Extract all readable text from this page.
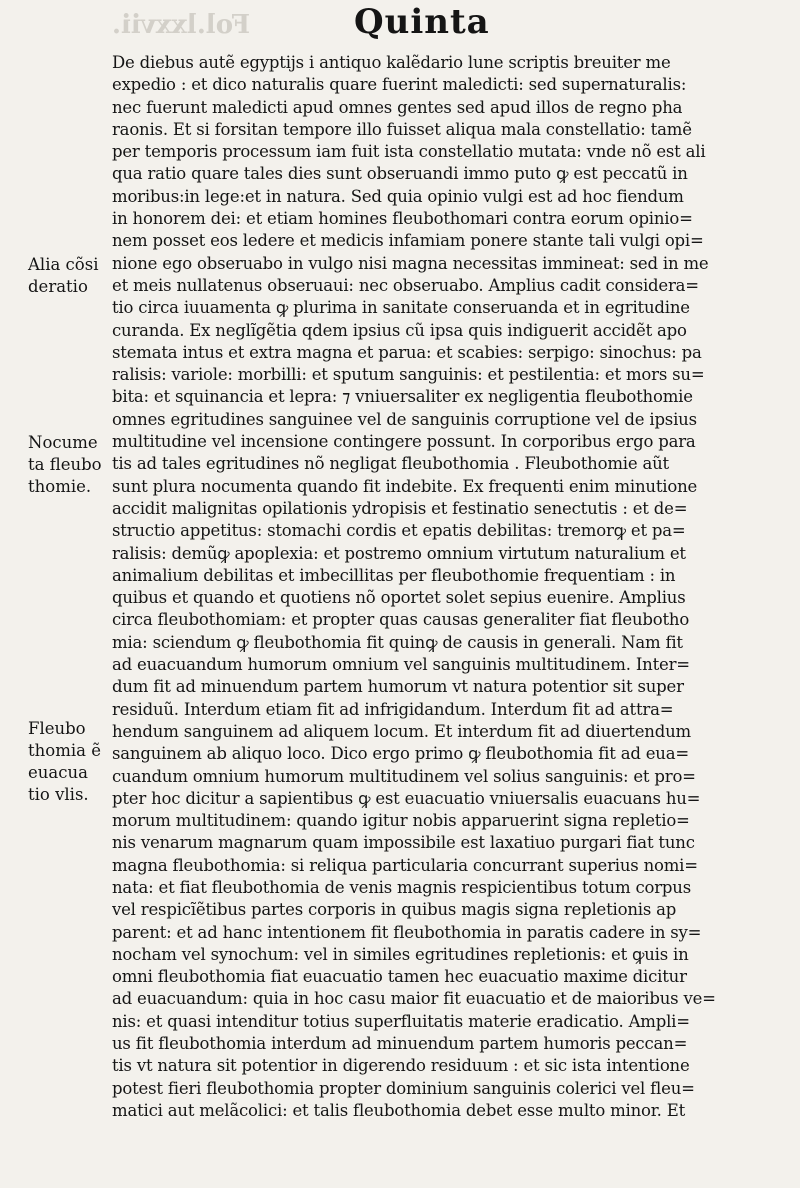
Fol.lxxvii.	Quinta
Alia cõsi
deratio
Nocume
ta fleubo
thomie.
Fleubo
thomia ẽ
euacua
tio vlis.
De diebus autẽ egyptijs i antiquo kalẽdario lune scriptis breuiter me
expedio : et dico naturalis quare fuerint maledicti: sed supernaturalis:
nec fuerunt maledicti apud omnes gentes sed apud illos de regno pha
raonis. Et si forsitan tempore illo fuisset aliqua mala constellatio: tamẽ
per temporis processum iam fuit ista constellatio mutata: vnde nõ est ali
qua ratio quare tales dies sunt obseruandi immo puto ꝙ est peccatũ in
moribus:in lege:et in natura. Sed quia opinio vulgi est ad hoc fiendum
in honorem dei: et etiam homines fleubothomari contra eorum opinio=
nem posset eos ledere et medicis infamiam ponere stante tali vulgi opi=
nione ego obseruabo in vulgo nisi magna necessitas immineat: sed in me
et meis nullatenus obseruaui: nec obseruabo. Amplius cadit considera=
tio circa iuuamenta ꝙ plurima in sanitate conseruanda et in egritudine
curanda. Ex neglĩgẽtia qdem ipsius cũ ipsa quis indiguerit accidẽt apo
stemata intus et extra magna et parua: et scabies: serpigo: sinochus: pa
ralisis: variole: morbilli: et sputum sanguinis: et pestilentia: et mors su=
bita: et squinancia et lepra: ⁊ vniuersaliter ex negligentia fleubothomie
omnes egritudines sanguinee vel de sanguinis corruptione vel de ipsius
multitudine vel incensione contingere possunt. In corporibus ergo para
tis ad tales egritudines nõ negligat fleubothomia . Fleubothomie aũt
sunt plura nocumenta quando fit indebite. Ex frequenti enim minutione
accidit malignitas opilationis ydropisis et festinatio senectutis : et de=
structio appetitus: stomachi cordis et epatis debilitas: tremorꝙ et pa=
ralisis: demũꝙ apoplexia: et postremo omnium virtutum naturalium et
animalium debilitas et imbecillitas per fleubothomie frequentiam : in
quibus et quando et quotiens nõ oportet solet sepius euenire. Amplius
circa fleubothomiam: et propter quas causas generaliter fiat fleubotho
mia: sciendum ꝙ fleubothomia fit quinꝙ de causis in generali. Nam fit
ad euacuandum humorum omnium vel sanguinis multitudinem. Inter=
dum fit ad minuendum partem humorum vt natura potentior sit super
residuũ. Interdum etiam fit ad infrigidandum. Interdum fit ad attra=
hendum sanguinem ad aliquem locum. Et interdum fit ad diuertendum
sanguinem ab aliquo loco. Dico ergo primo ꝙ fleubothomia fit ad eua=
cuandum omnium humorum multitudinem vel solius sanguinis: et pro=
pter hoc dicitur a sapientibus ꝙ est euacuatio vniuersalis euacuans hu=
morum multitudinem: quando igitur nobis apparuerint signa repletio=
nis venarum magnarum quam impossibile est laxatiuo purgari fiat tunc
magna fleubothomia: si reliqua particularia concurrant superius nomi=
nata: et fiat fleubothomia de venis magnis respicientibus totum corpus
vel respicĩẽtibus partes corporis in quibus magis signa repletionis ap
parent: et ad hanc intentionem fit fleubothomia in paratis cadere in sy=
nocham vel synochum: vel in similes egritudines repletionis: et ꝙuis in
omni fleubothomia fiat euacuatio tamen hec euacuatio maxime dicitur
ad euacuandum: quia in hoc casu maior fit euacuatio et de maioribus ve=
nis: et quasi intenditur totius superfluitatis materie eradicatio. Ampli=
us fit fleubothomia interdum ad minuendum partem humoris peccan=
tis vt natura sit potentior in digerendo residuum : et sic ista intentione
potest fieri fleubothomia propter dominium sanguinis colerici vel fleu=
matici aut melãcolici: et talis fleubothomia debet esse multo minor. Et
